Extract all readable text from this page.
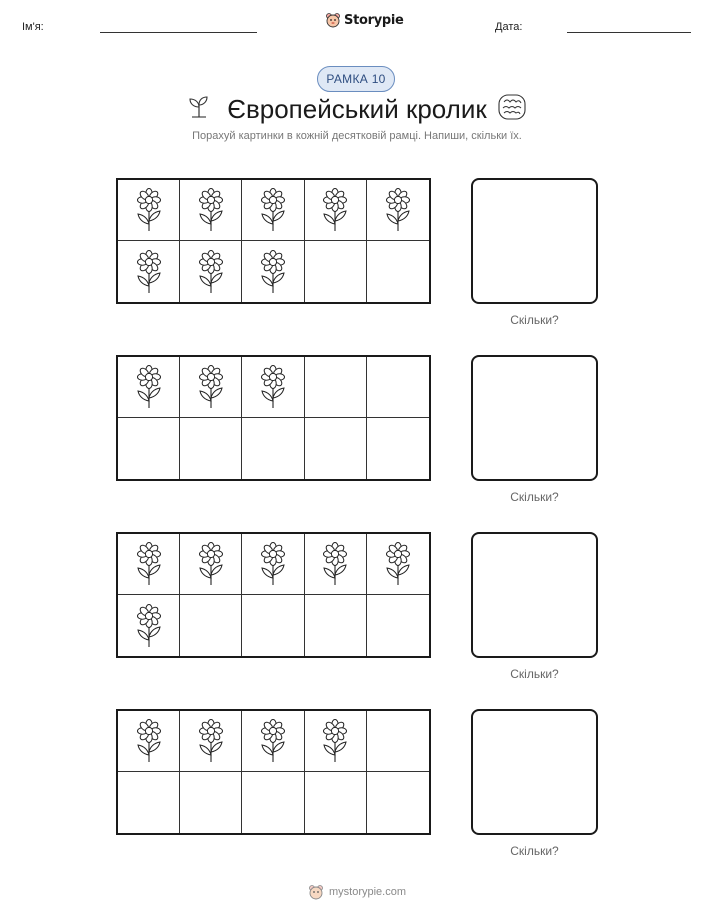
Ім'я:	Storypie	Дата:
РАМКА 10
Європейський кролик
Порахуй картинки в кожній десятковій рамці. Напиши, скільки їх.
Скільки?
Скільки?
Скільки?
Скільки?
mystorypie.com
